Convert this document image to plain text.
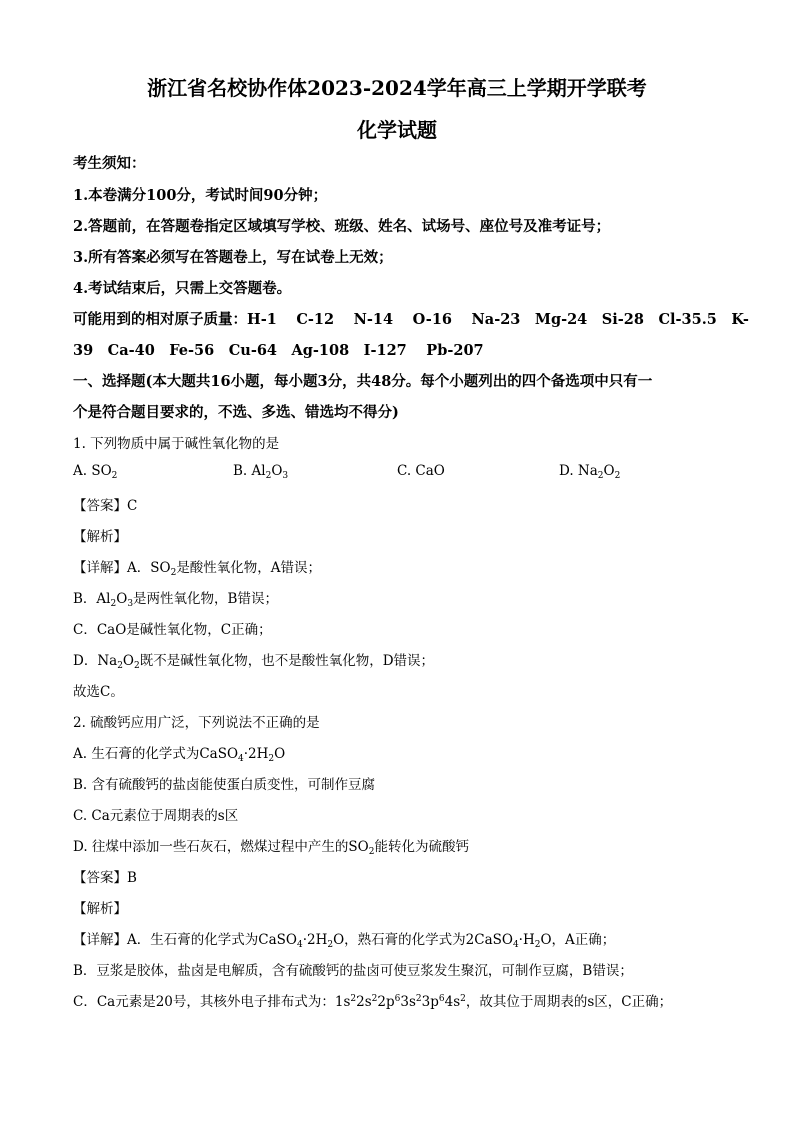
浙江省名校协作体2023-2024学年高三上学期开学联考
化学试题
考生须知：
1.本卷满分100分，考试时间90分钟；
2.答题前，在答题卷指定区域填写学校、班级、姓名、试场号、座位号及准考证号；
3.所有答案必须写在答题卷上，写在试卷上无效；
4.考试结束后，只需上交答题卷。
可能用到的相对原子质量：H-1　 C-12　 N-14　 O-16　 Na-23　Mg-24　Si-28　Cl-35.5　K-
39　Ca-40　Fe-56　Cu-64　Ag-108　I-127　 Pb-207
一、选择题(本大题共16小题，每小题3分，共48分。每个小题列出的四个备选项中只有一
个是符合题目要求的，不选、多选、错选均不得分)
1. 下列物质中属于碱性氧化物的是
A. $SO_2$	B. $Al_2O_3$	C. CaO	D. $Na_2O_2$
【答案】C
【解析】
【详解】A．$SO_2$是酸性氧化物，A错误；
B．$Al_2O_3$是两性氧化物，B错误；
C．CaO是碱性氧化物，C正确；
D．$Na_2O_2$既不是碱性氧化物，也不是酸性氧化物，D错误；
故选C。
2. 硫酸钙应用广泛，下列说法不正确的是
A. 生石膏的化学式为$CaSO_4\cdot 2H_2O$
B. 含有硫酸钙的盐卤能使蛋白质变性，可制作豆腐
C. Ca元素位于周期表的s区
D. 往煤中添加一些石灰石，燃煤过程中产生的$SO_2$能转化为硫酸钙
【答案】B
【解析】
【详解】A．生石膏的化学式为$CaSO_4\cdot 2H_2O$，熟石膏的化学式为$2CaSO_4\cdot H_2O$，A正确；
B．豆浆是胶体，盐卤是电解质，含有硫酸钙的盐卤可使豆浆发生聚沉，可制作豆腐，B错误；
C．Ca元素是20号，其核外电子排布式为：$1s^22s^22p^63s^23p^64s^2$，故其位于周期表的s区，C正确；
